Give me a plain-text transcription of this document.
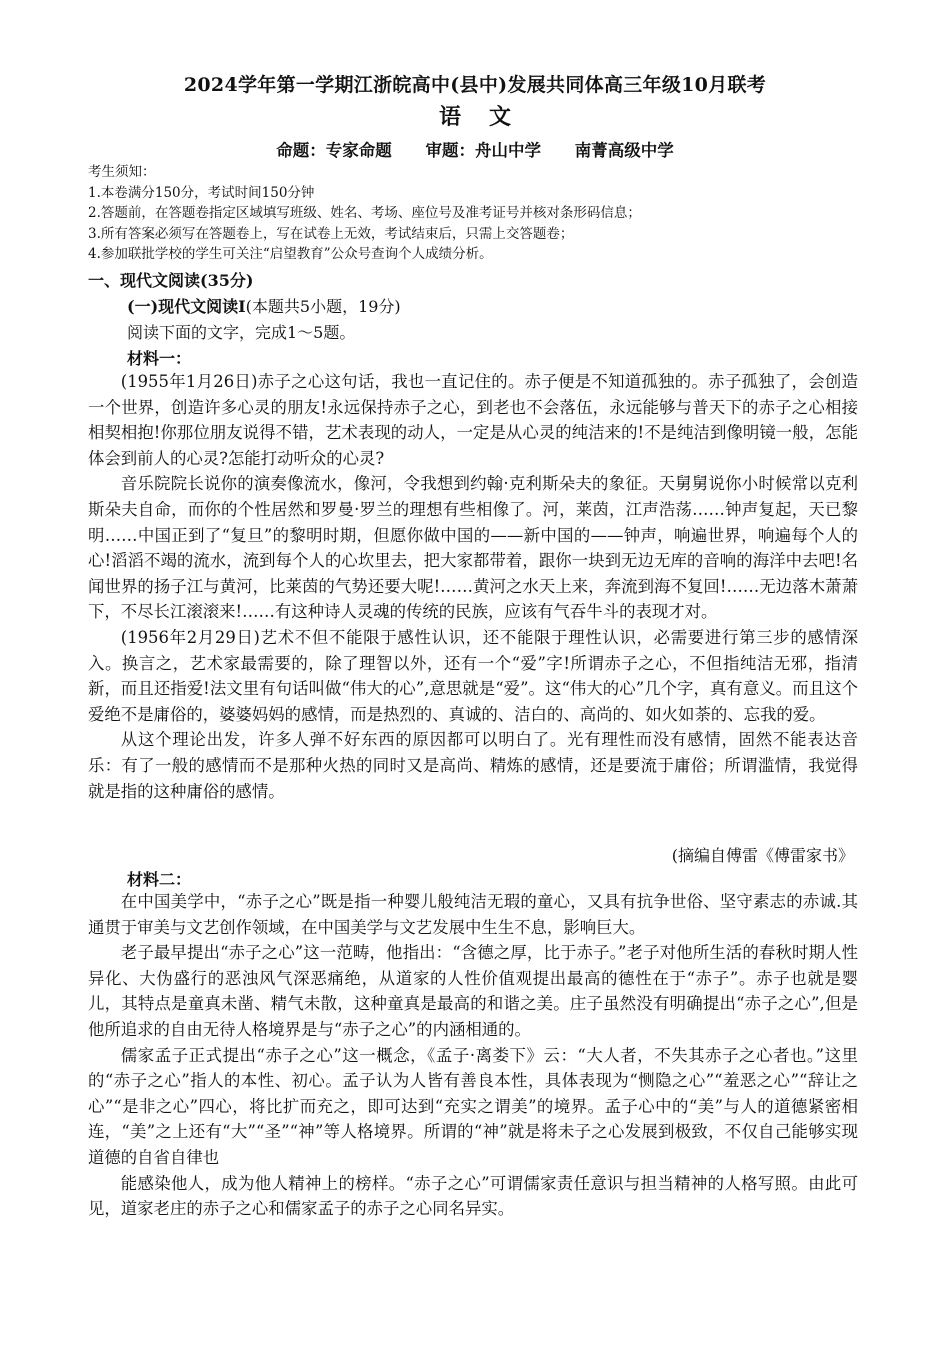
2024学年第一学期江浙皖高中(县中)发展共同体高三年级10月联考
语文
命题：专家命题 审题：舟山中学 南菁高级中学
考生须知：
1.本卷满分150分，考试时间150分钟
2.答题前，在答题卷指定区域填写班级、姓名、考场、座位号及准考证号并核对条形码信息；
3.所有答案必须写在答题卷上，写在试卷上无效，考试结束后，只需上交答题卷；
4.参加联批学校的学生可关注“启望教育”公众号查询个人成绩分析。
一、现代文阅读(35分)
(一)现代文阅读Ⅰ(本题共5小题，19分)
阅读下面的文字，完成1～5题。
材料一：

(1955年1月26日)赤子之心这句话，我也一直记住的。赤子便是不知道孤独的。赤子孤独了，会创造一个世界，创造许多心灵的朋友!永远保持赤子之心，到老也不会落伍，永远能够与普天下的赤子之心相接相契相抱!你那位朋友说得不错，艺术表现的动人，一定是从心灵的纯洁来的!不是纯洁到像明镜一般，怎能体会到前人的心灵?怎能打动听众的心灵?

音乐院院长说你的演奏像流水，像河，令我想到约翰·克利斯朵夫的象征。天舅舅说你小时候常以克利斯朵夫自命，而你的个性居然和罗曼·罗兰的理想有些相像了。河，莱茵，江声浩荡……钟声复起，天已黎明……中国正到了“复旦”的黎明时期，但愿你做中国的——新中国的——钟声，响遍世界，响遍每个人的心!滔滔不竭的流水，流到每个人的心坎里去，把大家都带着，跟你一块到无边无库的音响的海洋中去吧!名闻世界的扬子江与黄河，比莱茵的气势还要大呢!……黄河之水天上来，奔流到海不复回!……无边落木萧萧下，不尽长江滚滚来!……有这种诗人灵魂的传统的民族，应该有气吞牛斗的表现才对。

(1956年2月29日)艺术不但不能限于感性认识，还不能限于理性认识，必需要进行第三步的感情深入。换言之，艺术家最需要的，除了理智以外，还有一个“爱”字!所谓赤子之心，不但指纯洁无邪，指清新，而且还指爱!法文里有句话叫做“伟大的心”,意思就是“爱”。这“伟大的心”几个字，真有意义。而且这个爱绝不是庸俗的，婆婆妈妈的感情，而是热烈的、真诚的、洁白的、高尚的、如火如荼的、忘我的爱。

从这个理论出发，许多人弹不好东西的原因都可以明白了。光有理性而没有感情，固然不能表达音乐：有了一般的感情而不是那种火热的同时又是高尚、精炼的感情，还是要流于庸俗；所谓滥情，我觉得就是指的这种庸俗的感情。

(摘编自傅雷《傅雷家书》
材料二：

在中国美学中，“赤子之心”既是指一种婴儿般纯洁无瑕的童心，又具有抗争世俗、坚守素志的赤诚.其通贯于审美与文艺创作领域，在中国美学与文艺发展中生生不息，影响巨大。

老子最早提出“赤子之心”这一范畴，他指出：“含德之厚，比于赤子。”老子对他所生活的春秋时期人性异化、大伪盛行的恶浊风气深恶痛绝，从道家的人性价值观提出最高的德性在于“赤子”。赤子也就是婴儿，其特点是童真未凿、精气未散，这种童真是最高的和谐之美。庄子虽然没有明确提出“赤子之心”,但是他所追求的自由无待人格境界是与“赤子之心”的内涵相通的。

儒家孟子正式提出“赤子之心”这一概念，《孟子·离娄下》云：“大人者，不失其赤子之心者也。”这里的“赤子之心”指人的本性、初心。孟子认为人皆有善良本性，具体表现为“恻隐之心”“羞恶之心”“辞让之心”“是非之心”四心，将比扩而充之，即可达到“充实之谓美”的境界。孟子心中的“美”与人的道德紧密相连，“美”之上还有“大”“圣”“神”等人格境界。所谓的“神”就是将未子之心发展到极致，不仅自己能够实现道德的自省自律也

能感染他人，成为他人精神上的榜样。“赤子之心”可谓儒家责任意识与担当精神的人格写照。由此可见，道家老庄的赤子之心和儒家孟子的赤子之心同名异实。
